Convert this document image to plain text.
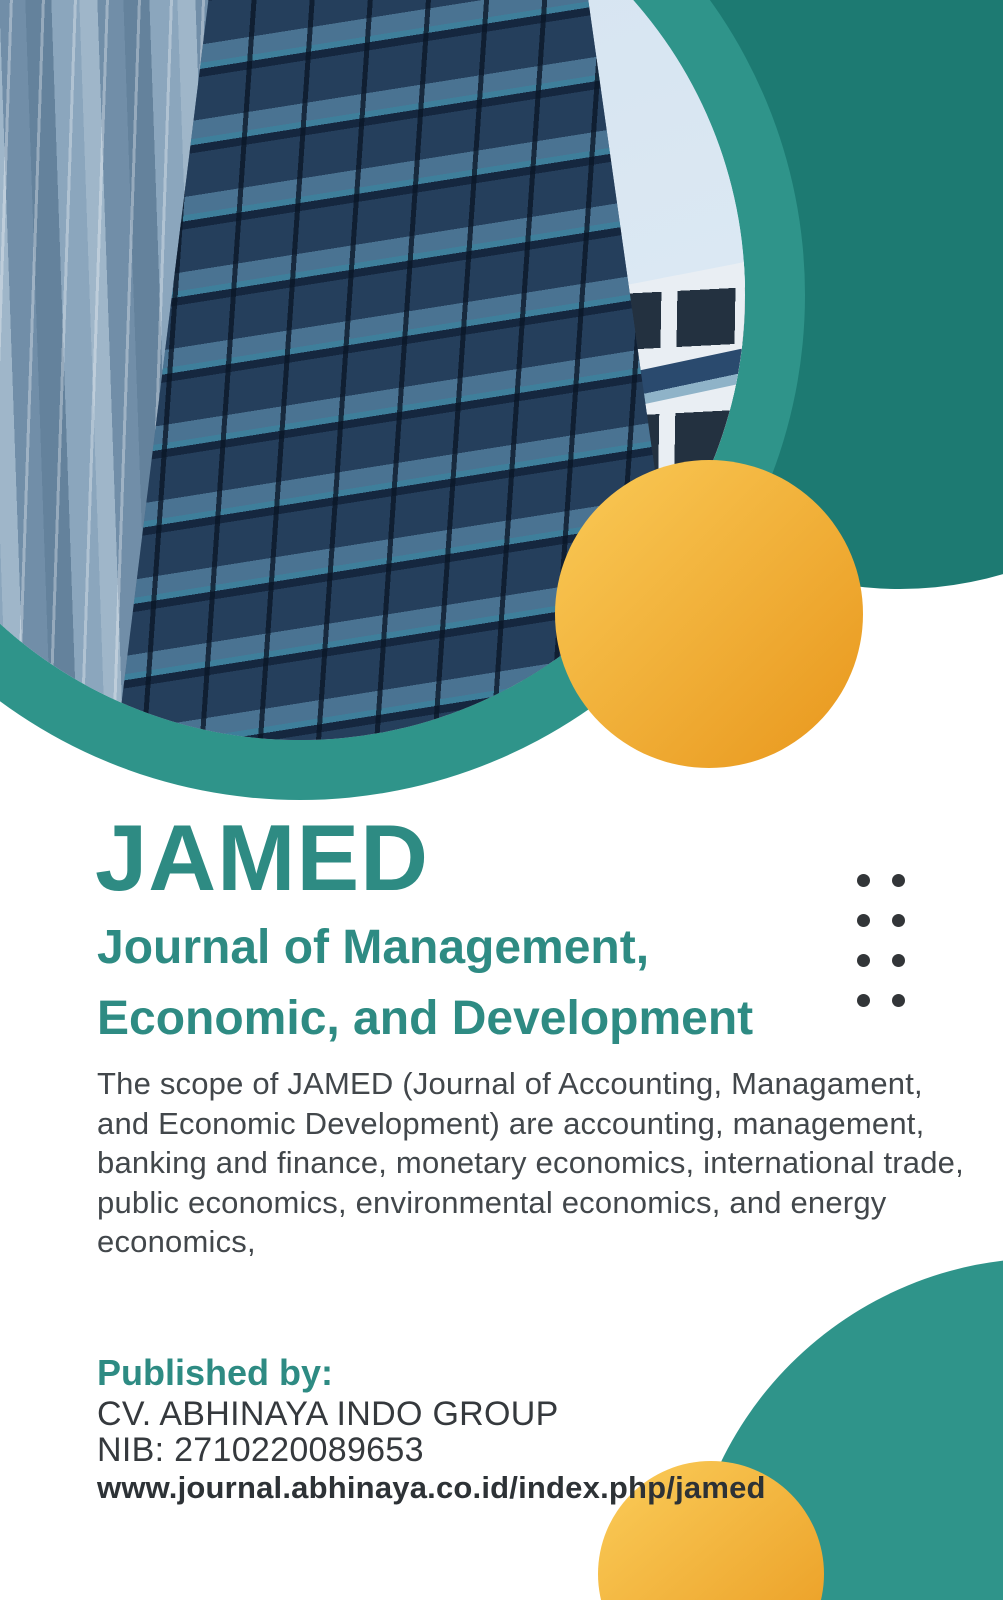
JAMED
Journal of Management,
Economic, and Development
The scope of JAMED (Journal of Accounting, Managament,
and Economic Development) are accounting, management,
banking and finance, monetary economics, international trade,
public economics, environmental economics, and energy
economics,
Published by:
CV. ABHINAYA INDO GROUP
NIB: 2710220089653
www.journal.abhinaya.co.id/index.php/jamed
